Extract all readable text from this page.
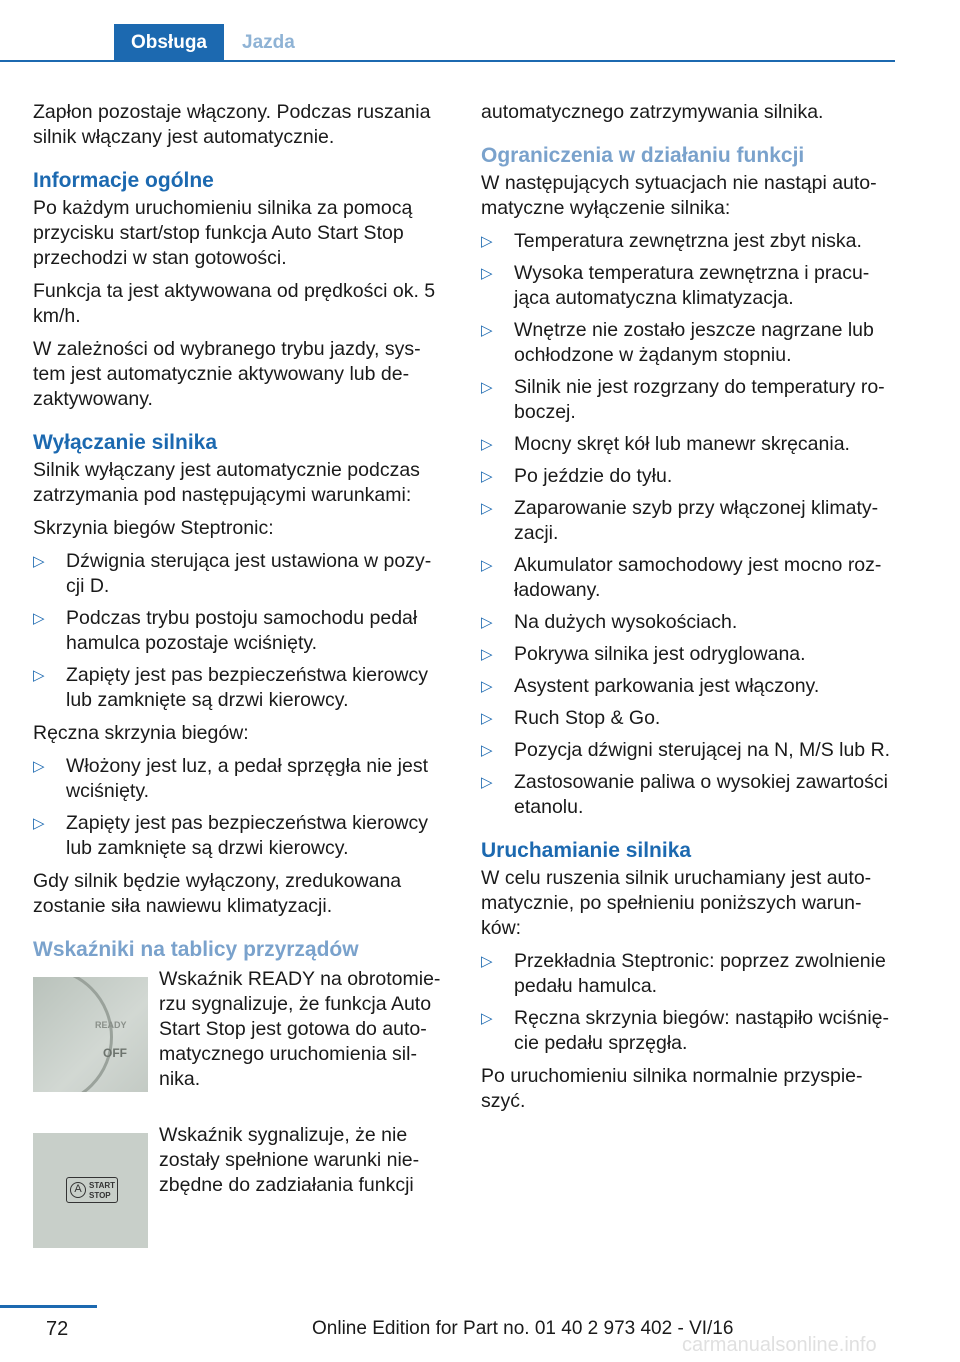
Obsługa	Jazda

Zapłon pozostaje włączony. Podczas ruszania silnik włączany jest automatycznie.

Informacje ogólne

Po każdym uruchomieniu silnika za pomocą przycisku start/stop funkcja Auto Start Stop przechodzi w stan gotowości.

Funkcja ta jest aktywowana od prędkości ok. 5 km/h.

W zależności od wybranego trybu jazdy, sys‐tem jest automatycznie aktywowany lub de‐zaktywowany.

Wyłączanie silnika

Silnik wyłączany jest automatycznie podczas zatrzymania pod następującymi warunkami:

Skrzynia biegów Steptronic:

▷ Dźwignia sterująca jest ustawiona w pozy‐cji D.
▷ Podczas trybu postoju samochodu pedał hamulca pozostaje wciśnięty.
▷ Zapięty jest pas bezpieczeństwa kierowcy lub zamknięte są drzwi kierowcy.

Ręczna skrzynia biegów:

▷ Włożony jest luz, a pedał sprzęgła nie jest wciśnięty.
▷ Zapięty jest pas bezpieczeństwa kierowcy lub zamknięte są drzwi kierowcy.

Gdy silnik będzie wyłączony, zredukowana zostanie siła nawiewu klimatyzacji.

Wskaźniki na tablicy przyrządów
READY
OFF
Wskaźnik READY na obrotomie‐rzu sygnalizuje, że funkcja Auto Start Stop jest gotowa do auto‐matycznego uruchomienia sil‐nika.
A START
STOP
Wskaźnik sygnalizuje, że nie zostały spełnione warunki nie‐zbędne do zadziałania funkcji

automatycznego zatrzymywania silnika.

Ograniczenia w działaniu funkcji

W następujących sytuacjach nie nastąpi auto‐matyczne wyłączenie silnika:

▷ Temperatura zewnętrzna jest zbyt niska.
▷ Wysoka temperatura zewnętrzna i pracu‐jąca automatyczna klimatyzacja.
▷ Wnętrze nie zostało jeszcze nagrzane lub ochłodzone w żądanym stopniu.
▷ Silnik nie jest rozgrzany do temperatury ro‐boczej.
▷ Mocny skręt kół lub manewr skręcania.
▷ Po jeździe do tyłu.
▷ Zaparowanie szyb przy włączonej klimaty‐zacji.
▷ Akumulator samochodowy jest mocno roz‐ładowany.
▷ Na dużych wysokościach.
▷ Pokrywa silnika jest odryglowana.
▷ Asystent parkowania jest włączony.
▷ Ruch Stop & Go.
▷ Pozycja dźwigni sterującej na N, M/S lub R.
▷ Zastosowanie paliwa o wysokiej zawartości etanolu.
Uruchamianie silnika

W celu ruszenia silnik uruchamiany jest auto‐matycznie, po spełnieniu poniższych warun‐ków:

▷ Przekładnia Steptronic: poprzez zwolnienie pedału hamulca.
▷ Ręczna skrzynia biegów: nastąpiło wciśnię‐cie pedału sprzęgła.

Po uruchomieniu silnika normalnie przyspie‐szyć.

72	Online Edition for Part no. 01 40 2 973 402 - VI/16
carmanualsonline.info
